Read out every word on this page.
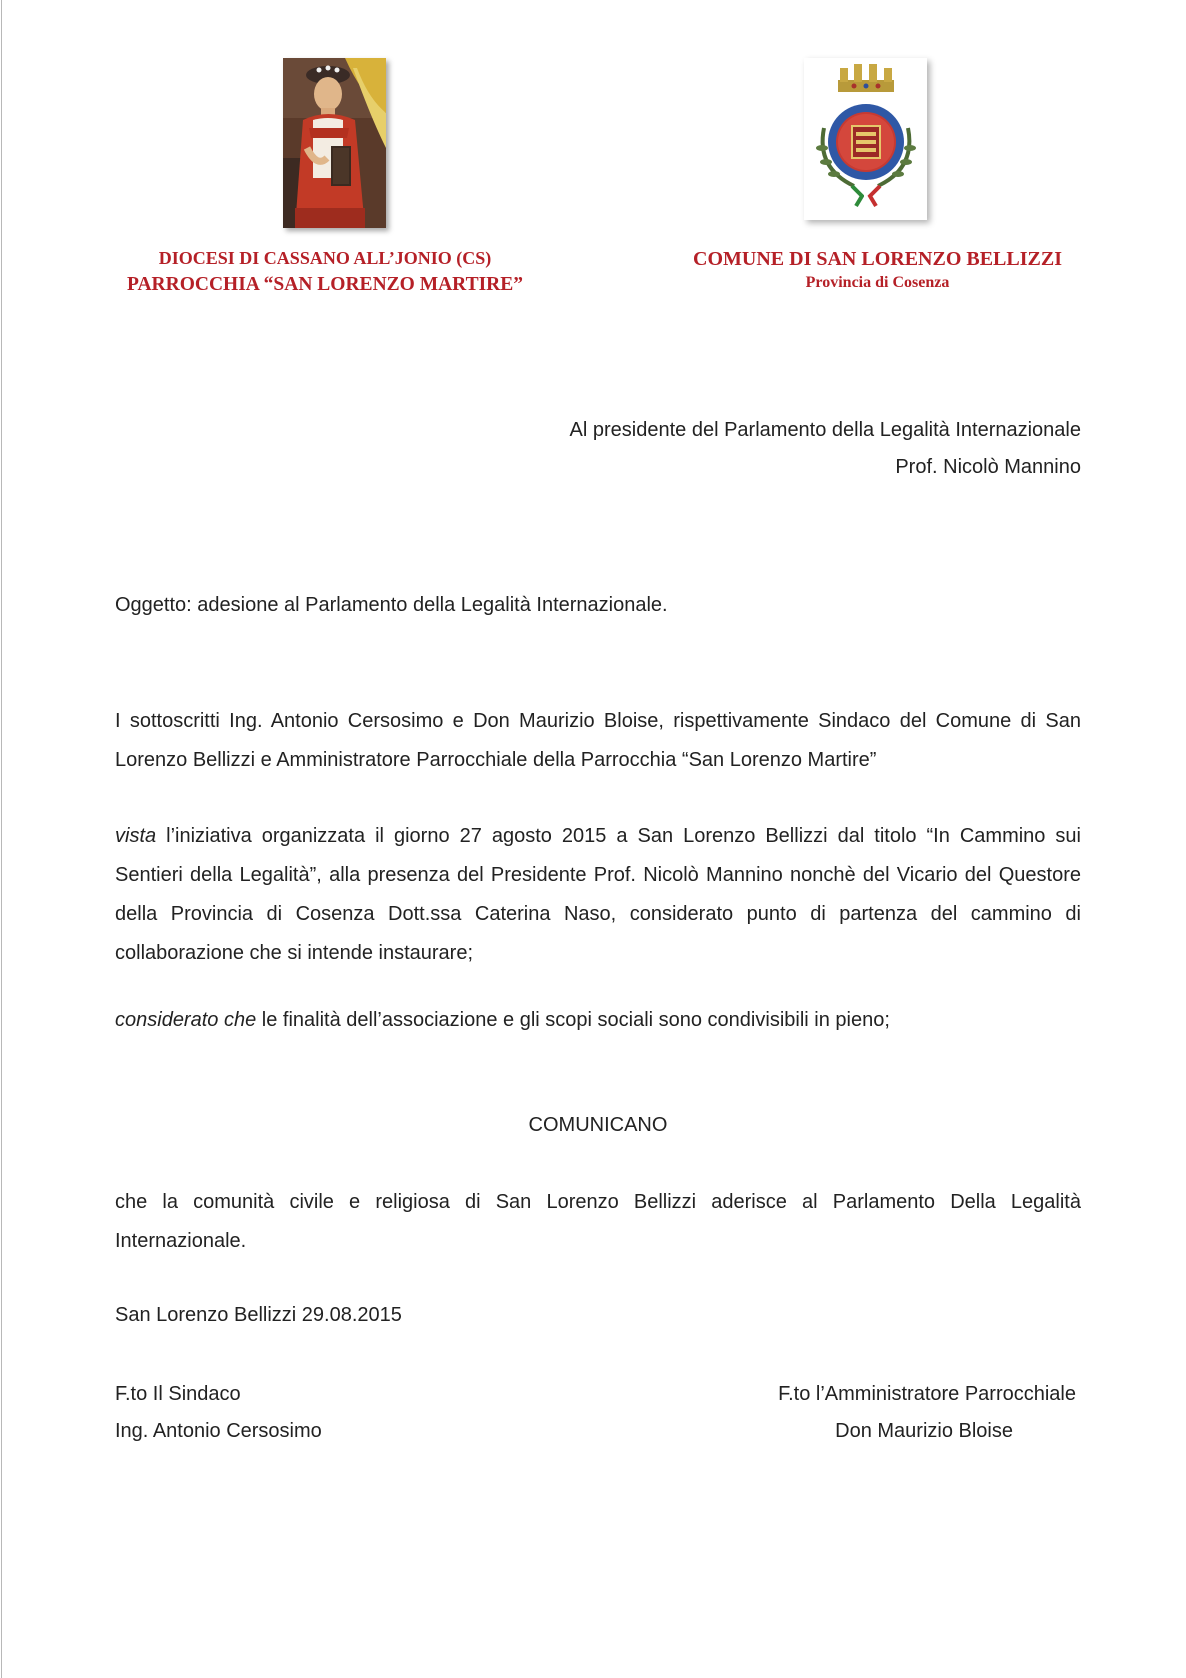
DIOCESI DI CASSANO ALL’JONIO (CS)
PARROCCHIA “SAN LORENZO MARTIRE”
COMUNE DI SAN LORENZO BELLIZZI
Provincia di Cosenza
Al presidente del Parlamento della Legalità Internazionale
Prof. Nicolò Mannino
Oggetto: adesione al Parlamento della Legalità Internazionale.
I sottoscritti Ing. Antonio Cersosimo e Don Maurizio Bloise, rispettivamente Sindaco del Comune di San Lorenzo Bellizzi e Amministratore Parrocchiale della Parrocchia “San Lorenzo Martire”
vista l’iniziativa organizzata il giorno 27 agosto 2015 a San Lorenzo Bellizzi dal titolo “In Cammino sui Sentieri della Legalità”, alla presenza del Presidente Prof. Nicolò Mannino nonchè del Vicario del Questore della Provincia di Cosenza Dott.ssa Caterina Naso, considerato punto di partenza del cammino di collaborazione che si intende instaurare;
considerato che le finalità dell’associazione e gli scopi sociali sono condivisibili in pieno;
COMUNICANO
che la comunità civile e religiosa di San Lorenzo Bellizzi aderisce al Parlamento Della Legalità Internazionale.
San Lorenzo Bellizzi 29.08.2015
F.to Il Sindaco
Ing. Antonio Cersosimo
F.to l’Amministratore Parrocchiale
Don Maurizio Bloise
